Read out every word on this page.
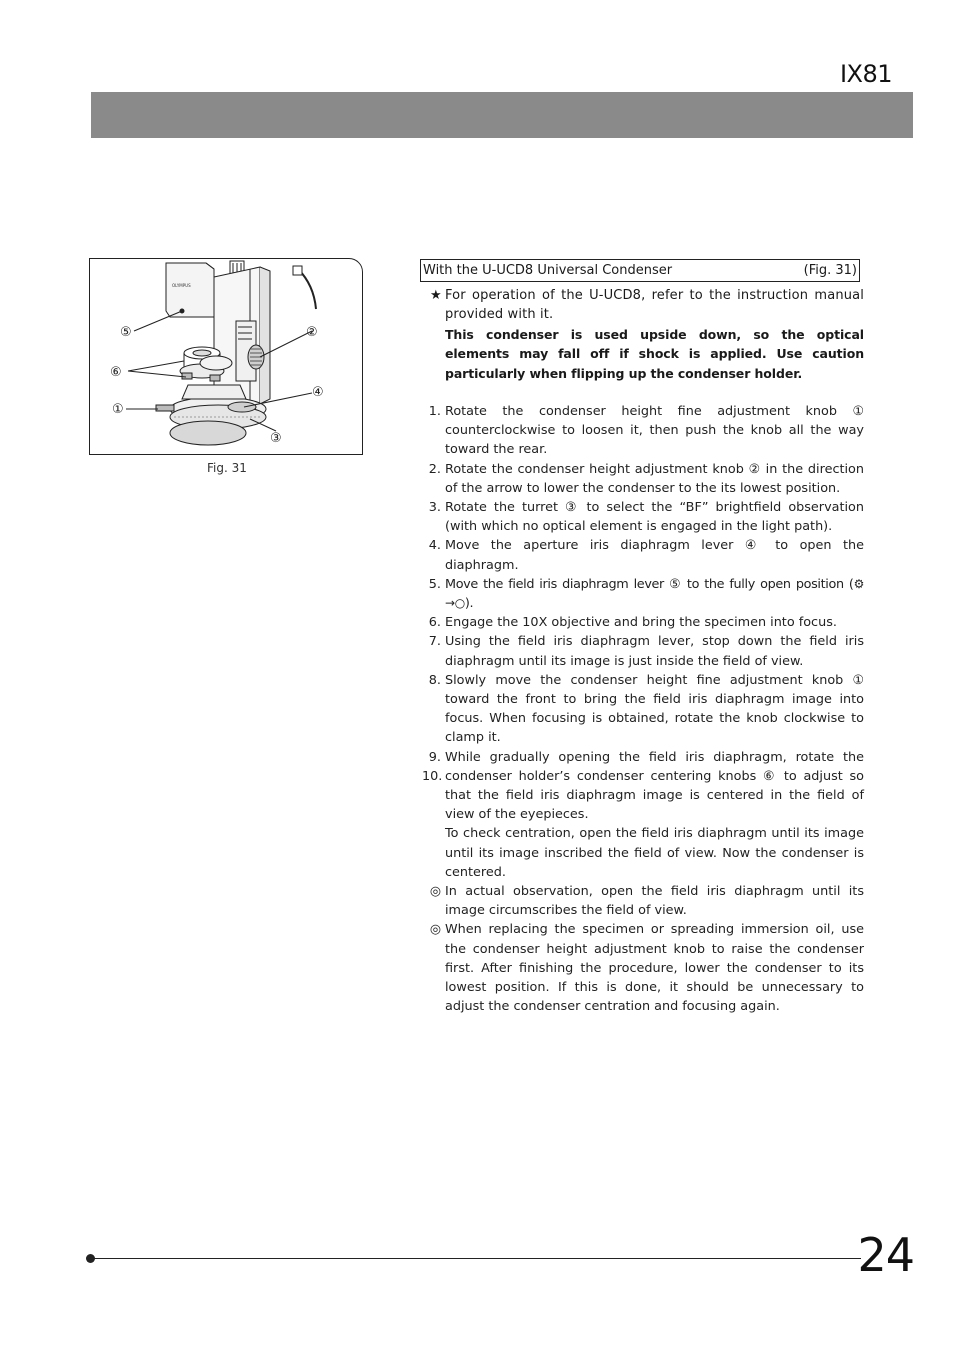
IX81
OLYMPUS
⑤	②
⑥
④
①
③
Fig. 31
With the U-UCD8 Universal Condenser	(Fig. 31)
★ For operation of the U-UCD8, refer to the instruction manual provided with it.
This condenser is used upside down, so the optical elements may fall off if shock is applied. Use caution particularly when flipping up the condenser holder.
1. Rotate the condenser height fine adjustment knob ① counterclockwise to loosen it, then push the knob all the way toward the rear.
2. Rotate the condenser height adjustment knob ② in the direction of the arrow to lower the condenser to the its lowest position.
3. Rotate the turret ③ to select the “BF” brightfield observation (with which no optical element is engaged in the light path).
4. Move the aperture iris diaphragm lever ④ to open the diaphragm.
5. Move the field iris diaphragm lever ⑤ to the fully open position (⚙ →○).
6. Engage the 10X objective and bring the specimen into focus.
7. Using the field iris diaphragm lever, stop down the field iris diaphragm until its image is just inside the field of view.
8. Slowly move the condenser height fine adjustment knob ① toward the front to bring the field iris diaphragm image into focus. When focusing is obtained, rotate the knob clockwise to clamp it.
9.
10.
While gradually opening the field iris diaphragm, rotate the condenser holder’s condenser centering knobs ⑥ to adjust so that the field iris diaphragm image is centered in the field of view of the eyepieces.
To check centration, open the field iris diaphragm until its image until its image inscribed the field of view. Now the condenser is centered.
◎ In actual observation, open the field iris diaphragm until its image circumscribes the field of view.
◎ When replacing the specimen or spreading immersion oil, use the condenser height adjustment knob to raise the condenser first. After finishing the procedure, lower the condenser to its lowest position. If this is done, it should be unnecessary to adjust the condenser centration and focusing again.
24
